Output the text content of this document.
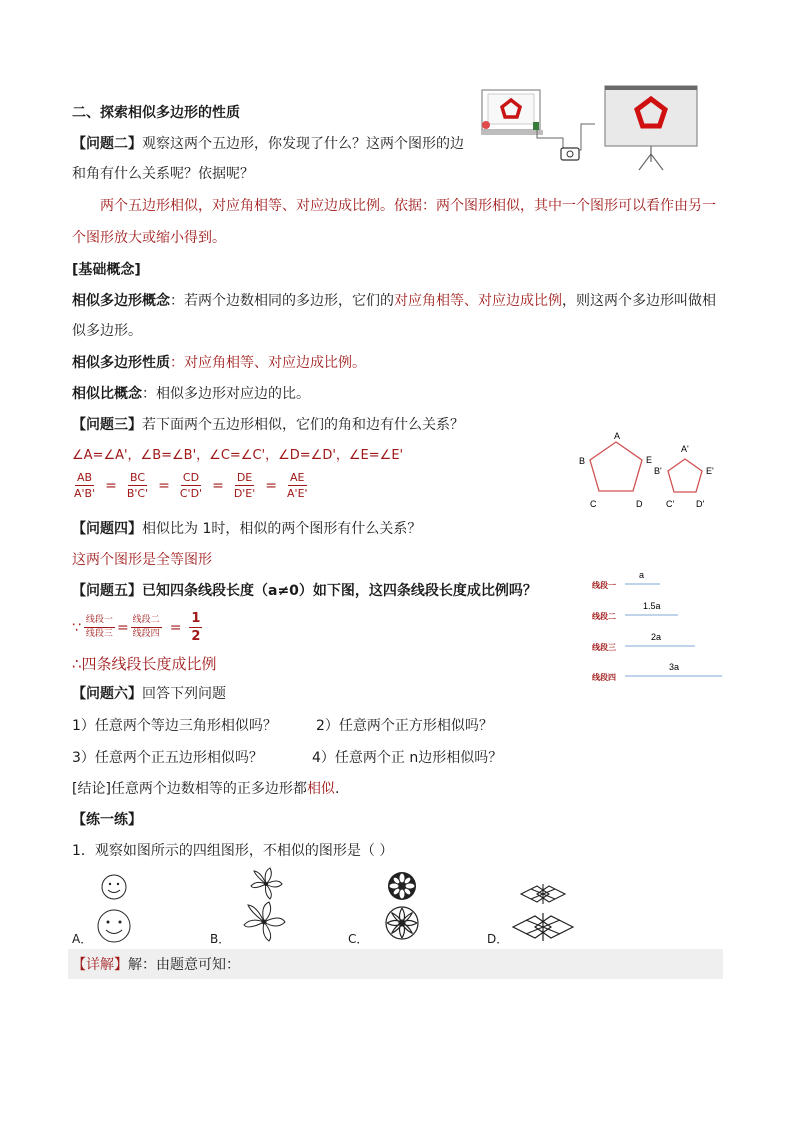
二、探索相似多边形的性质
【问题二】观察这两个五边形，你发现了什么？这两个图形的边
和角有什么关系呢？依据呢？
两个五边形相似，对应角相等、对应边成比例。依据：两个图形相似，其中一个图形可以看作由另一
个图形放大或缩小得到。
[基础概念]
相似多边形概念：若两个边数相同的多边形，它们的对应角相等、对应边成比例，则这两个多边形叫做相
似多边形。
相似多边形性质：对应角相等、对应边成比例。
相似比概念：相似多边形对应边的比。
【问题三】若下面两个五边形相似，它们的角和边有什么关系？
∠A=∠A'，∠B=∠B'，∠C=∠C'，∠D=∠D'，∠E=∠E'
$\frac{AB}{A'B'} = \frac{BC}{B'C'} = \frac{CD}{C'D'} = \frac{DE}{D'E'} = \frac{AE}{A'E'}$
A
E
B
C	D
A'
E'
B'
C' D'
【问题四】相似比为 1时，相似的两个图形有什么关系？
这两个图形是全等图形
【问题五】已知四条线段长度（a≠0）如下图，这四条线段长度成比例吗？
∵ $\frac{\text{线段一}}{\text{线段三}} = \frac{\text{线段二}}{\text{线段四}} = \frac{1}{2}$
∴四条线段长度成比例
a
线段一
1.5a
线段二
2a
线段三
3a
线段四
【问题六】回答下列问题
1）任意两个等边三角形相似吗？	2）任意两个正方形相似吗？
3）任意两个正五边形相似吗？	4）任意两个正 n边形相似吗？
[结论]任意两个边数相等的正多边形都相似.
【练一练】
1．观察如图所示的四组图形，不相似的图形是（ ）
A．	B．	C．	D．
【详解】解：由题意可知：
